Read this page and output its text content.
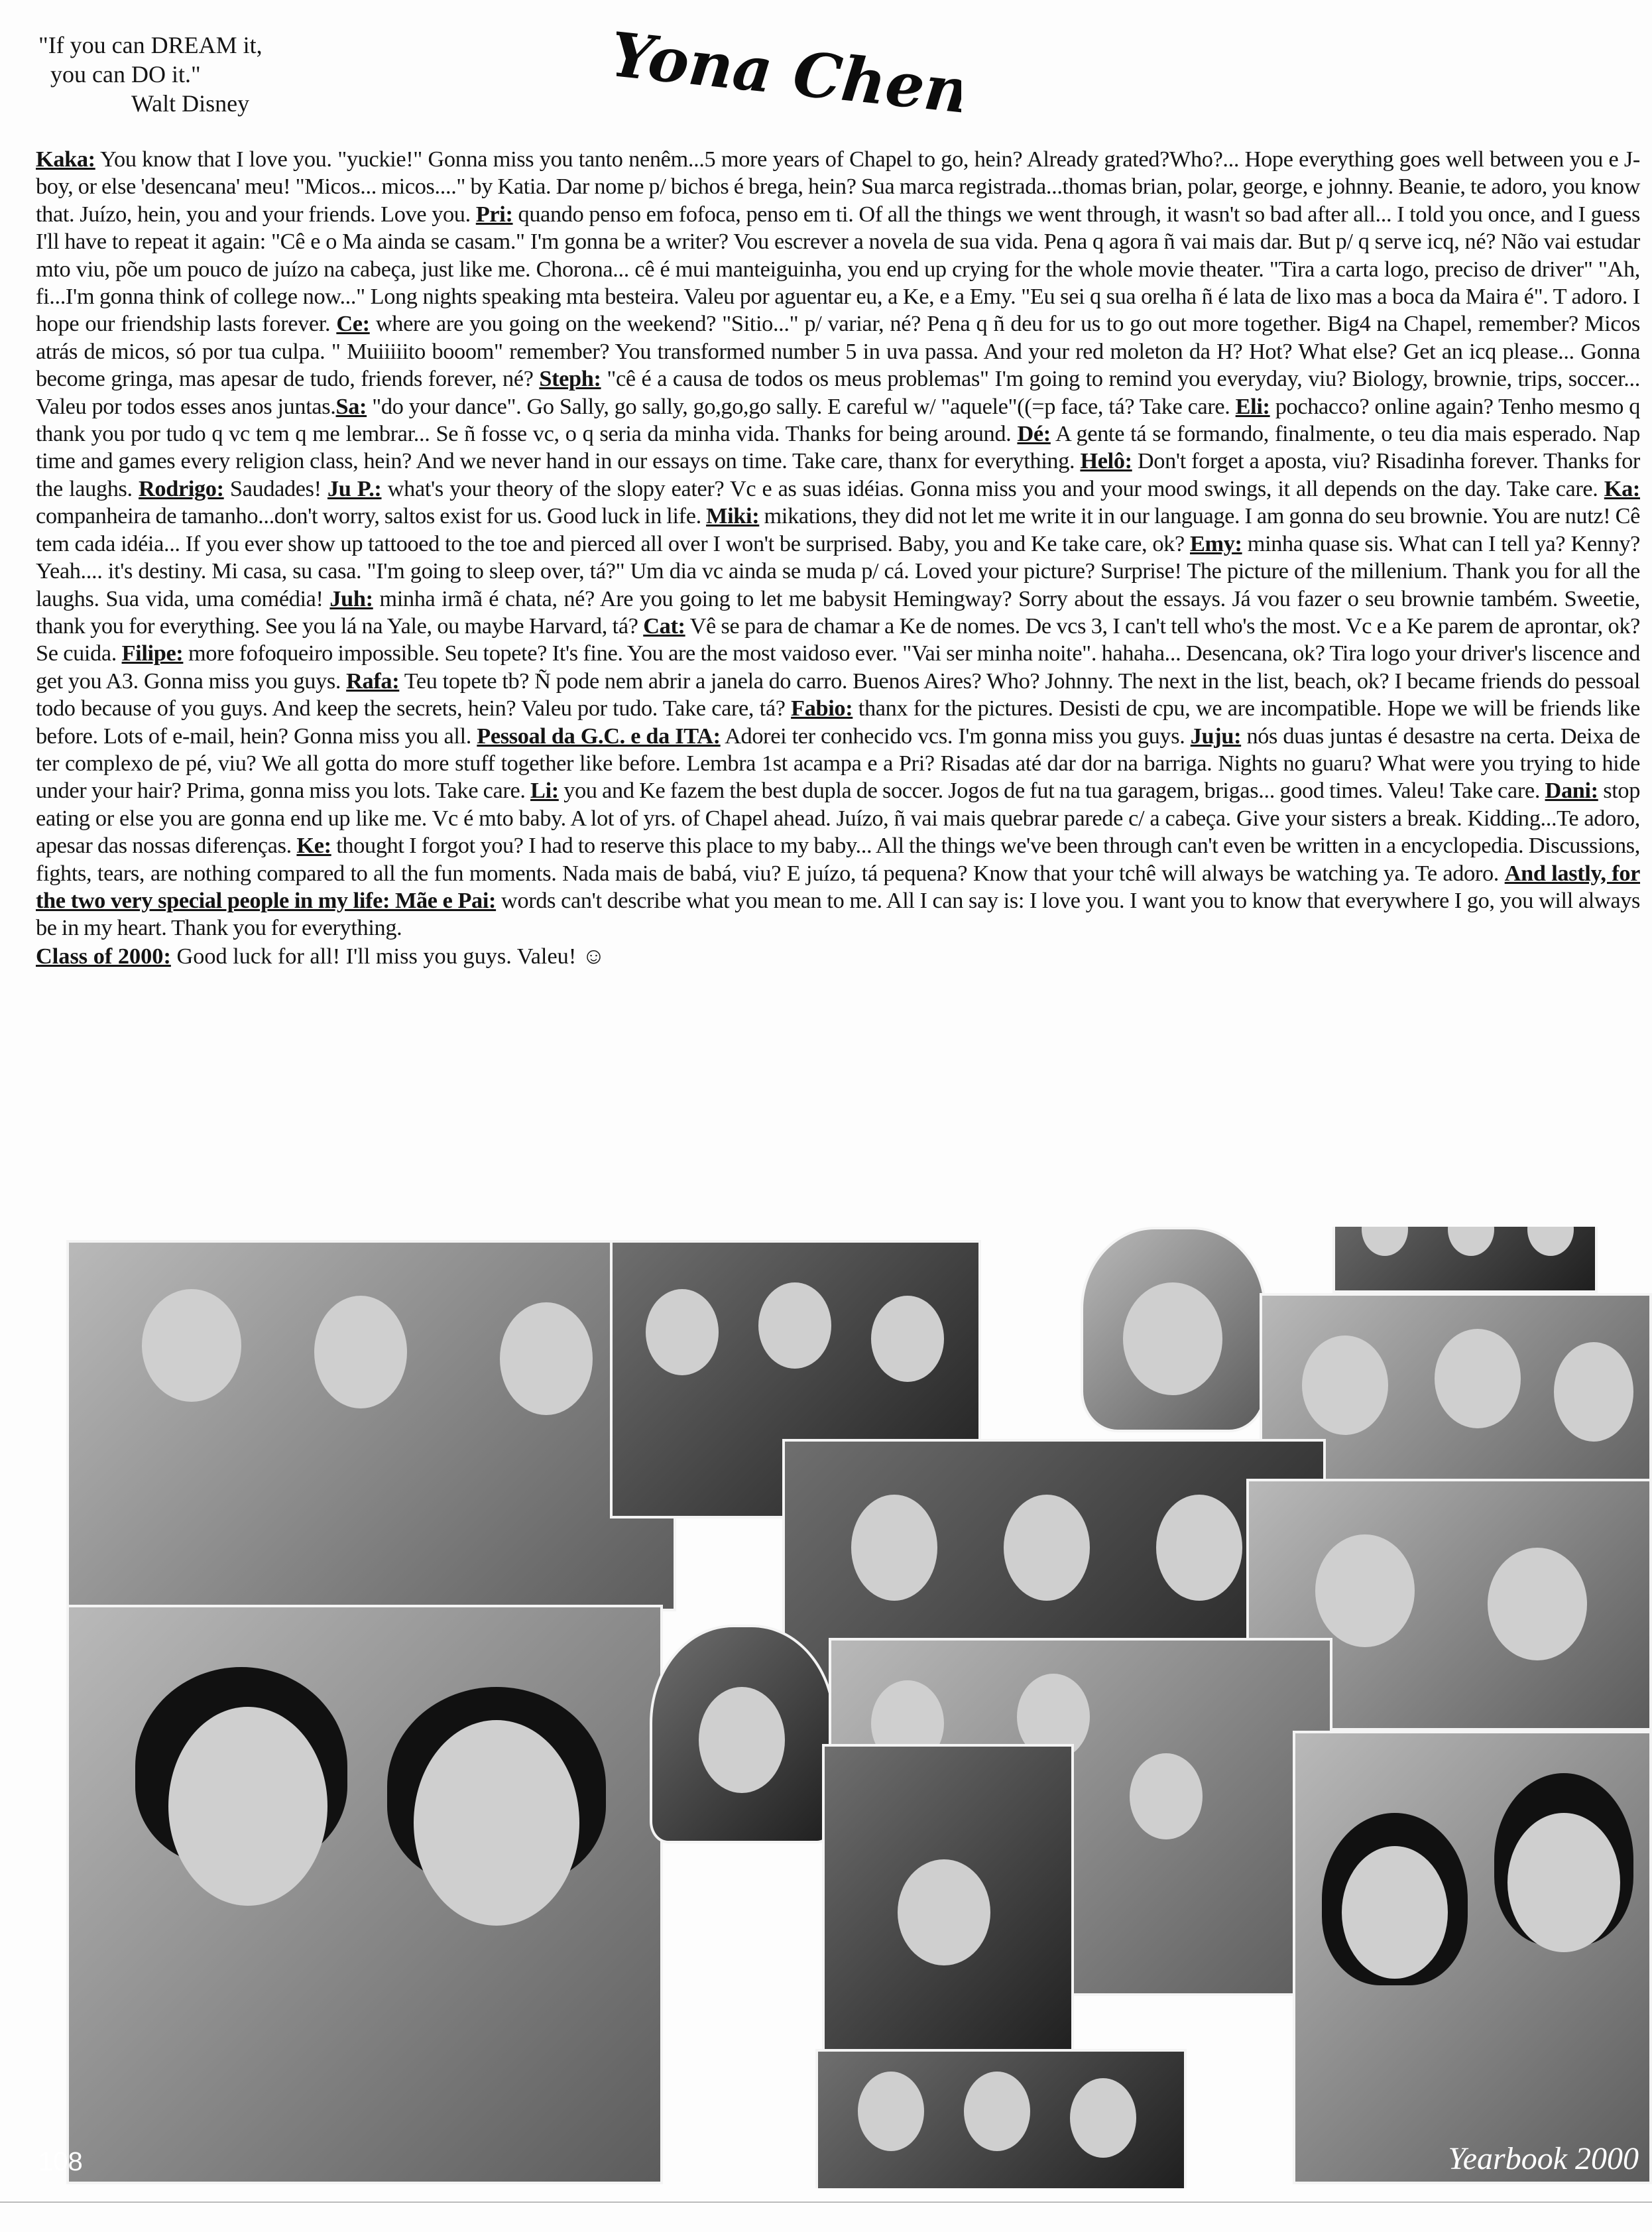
"If you can DREAM it,
you can DO it."
Walt Disney	Yona Chen
Kaka: You know that I love you. "yuckie!" Gonna miss you tanto nenêm...5 more years of Chapel to go, hein? Already grated?Who?... Hope everything goes well between you e J-boy, or else 'desencana' meu! "Micos... micos...." by Katia. Dar nome p/ bichos é brega, hein? Sua marca registrada...thomas brian, polar, george, e johnny. Beanie, te adoro, you know that. Juízo, hein, you and your friends. Love you. Pri: quando penso em fofoca, penso em ti. Of all the things we went through, it wasn't so bad after all... I told you once, and I guess I'll have to repeat it again: "Cê e o Ma ainda se casam." I'm gonna be a writer? Vou escrever a novela de sua vida. Pena q agora ñ vai mais dar. But p/ q serve icq, né? Não vai estudar mto viu, põe um pouco de juízo na cabeça, just like me. Chorona... cê é mui manteiguinha, you end up crying for the whole movie theater. "Tira a carta logo, preciso de driver" "Ah, fi...I'm gonna think of college now..." Long nights speaking mta besteira. Valeu por aguentar eu, a Ke, e a Emy. "Eu sei q sua orelha ñ é lata de lixo mas a boca da Maira é". T adoro. I hope our friendship lasts forever. Ce: where are you going on the weekend? "Sitio..." p/ variar, né? Pena q ñ deu for us to go out more together. Big4 na Chapel, remember? Micos atrás de micos, só por tua culpa. " Muiiiiito booom" remember? You transformed number 5 in uva passa. And your red moleton da H? Hot? What else? Get an icq please... Gonna become gringa, mas apesar de tudo, friends forever, né? Steph: "cê é a causa de todos os meus problemas" I'm going to remind you everyday, viu? Biology, brownie, trips, soccer... Valeu por todos esses anos juntas.Sa: "do your dance". Go Sally, go sally, go,go,go sally. E careful w/ "aquele"((=p face, tá? Take care. Eli: pochacco? online again? Tenho mesmo q thank you por tudo q vc tem q me lembrar... Se ñ fosse vc, o q seria da minha vida. Thanks for being around. Dé: A gente tá se formando, finalmente, o teu dia mais esperado. Nap time and games every religion class, hein? And we never hand in our essays on time. Take care, thanx for everything. Helô: Don't forget a aposta, viu? Risadinha forever. Thanks for the laughs. Rodrigo: Saudades! Ju P.: what's your theory of the slopy eater? Vc e as suas idéias. Gonna miss you and your mood swings, it all depends on the day. Take care. Ka: companheira de tamanho...don't worry, saltos exist for us. Good luck in life. Miki: mikations, they did not let me write it in our language. I am gonna do seu brownie. You are nutz! Cê tem cada idéia... If you ever show up tattooed to the toe and pierced all over I won't be surprised. Baby, you and Ke take care, ok? Emy: minha quase sis. What can I tell ya? Kenny? Yeah.... it's destiny. Mi casa, su casa. "I'm going to sleep over, tá?" Um dia vc ainda se muda p/ cá. Loved your picture? Surprise! The picture of the millenium. Thank you for all the laughs. Sua vida, uma comédia! Juh: minha irmã é chata, né? Are you going to let me babysit Hemingway? Sorry about the essays. Já vou fazer o seu brownie também. Sweetie, thank you for everything. See you lá na Yale, ou maybe Harvard, tá? Cat: Vê se para de chamar a Ke de nomes. De vcs 3, I can't tell who's the most. Vc e a Ke parem de aprontar, ok? Se cuida. Filipe: more fofoqueiro impossible. Seu topete? It's fine. You are the most vaidoso ever. "Vai ser minha noite". hahaha... Desencana, ok? Tira logo your driver's liscence and get you A3. Gonna miss you guys. Rafa: Teu topete tb? Ñ pode nem abrir a janela do carro. Buenos Aires? Who? Johnny. The next in the list, beach, ok? I became friends do pessoal todo because of you guys. And keep the secrets, hein? Valeu por tudo. Take care, tá? Fabio: thanx for the pictures. Desisti de cpu, we are incompatible. Hope we will be friends like before. Lots of e-mail, hein? Gonna miss you all. Pessoal da G.C. e da ITA: Adorei ter conhecido vcs. I'm gonna miss you guys. Juju: nós duas juntas é desastre na certa. Deixa de ter complexo de pé, viu? We all gotta do more stuff together like before. Lembra 1st acampa e a Pri? Risadas até dar dor na barriga. Nights no guaru? What were you trying to hide under your hair? Prima, gonna miss you lots. Take care. Li: you and Ke fazem the best dupla de soccer. Jogos de fut na tua garagem, brigas... good times. Valeu! Take care. Dani: stop eating or else you are gonna end up like me. Vc é mto baby. A lot of yrs. of Chapel ahead. Juízo, ñ vai mais quebrar parede c/ a cabeça. Give your sisters a break. Kidding...Te adoro, apesar das nossas diferenças. Ke: thought I forgot you? I had to reserve this place to my baby... All the things we've been through can't even be written in a encyclopedia. Discussions, fights, tears, are nothing compared to all the fun moments. Nada mais de babá, viu? E juízo, tá pequena? Know that your tchê will always be watching ya. Te adoro. And lastly, for the two very special people in my life: Mãe e Pai: words can't describe what you mean to me. All I can say is: I love you. I want you to know that everywhere I go, you will always be in my heart. Thank you for everything.
Class of 2000: Good luck for all! I'll miss you guys. Valeu! ☺
108	Yearbook 2000
